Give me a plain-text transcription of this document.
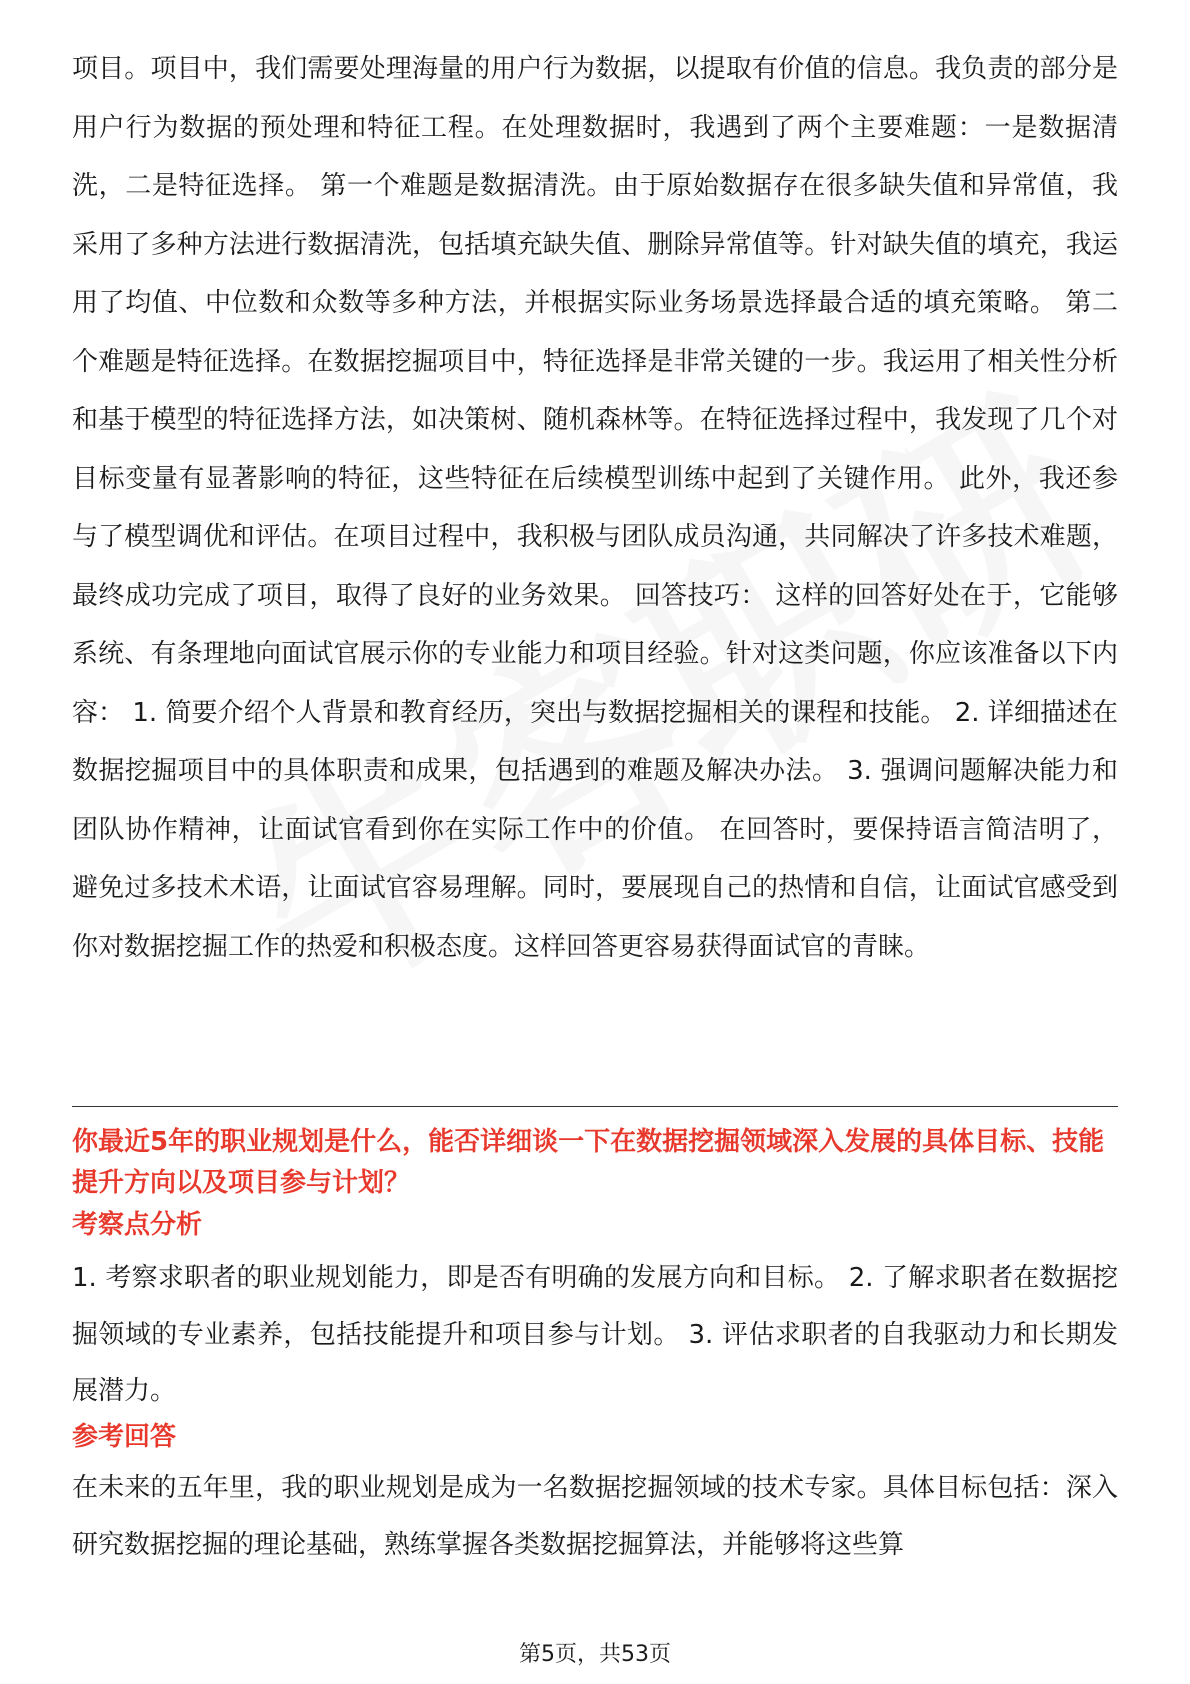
项目。项目中，我们需要处理海量的用户行为数据，以提取有价值的信息。我负责的部分是用户行为数据的预处理和特征工程。在处理数据时，我遇到了两个主要难题：一是数据清洗，二是特征选择。 第一个难题是数据清洗。由于原始数据存在很多缺失值和异常值，我采用了多种方法进行数据清洗，包括填充缺失值、删除异常值等。针对缺失值的填充，我运用了均值、中位数和众数等多种方法，并根据实际业务场景选择最合适的填充策略。 第二个难题是特征选择。在数据挖掘项目中，特征选择是非常关键的一步。我运用了相关性分析和基于模型的特征选择方法，如决策树、随机森林等。在特征选择过程中，我发现了几个对目标变量有显著影响的特征，这些特征在后续模型训练中起到了关键作用。 此外，我还参与了模型调优和评估。在项目过程中，我积极与团队成员沟通，共同解决了许多技术难题，最终成功完成了项目，取得了良好的业务效果。 回答技巧： 这样的回答好处在于，它能够系统、有条理地向面试官展示你的专业能力和项目经验。针对这类问题，你应该准备以下内容： 1. 简要介绍个人背景和教育经历，突出与数据挖掘相关的课程和技能。 2. 详细描述在数据挖掘项目中的具体职责和成果，包括遇到的难题及解决办法。 3. 强调问题解决能力和团队协作精神，让面试官看到你在实际工作中的价值。 在回答时，要保持语言简洁明了，避免过多技术术语，让面试官容易理解。同时，要展现自己的热情和自信，让面试官感受到你对数据挖掘工作的热爱和积极态度。这样回答更容易获得面试官的青睐。

你最近5年的职业规划是什么，能否详细谈一下在数据挖掘领域深入发展的具体目标、技能提升方向以及项目参与计划？

考察点分析

1. 考察求职者的职业规划能力，即是否有明确的发展方向和目标。 2. 了解求职者在数据挖掘领域的专业素养，包括技能提升和项目参与计划。 3. 评估求职者的自我驱动力和长期发展潜力。

参考回答

在未来的五年里，我的职业规划是成为一名数据挖掘领域的技术专家。具体目标包括：深入研究数据挖掘的理论基础，熟练掌握各类数据挖掘算法，并能够将这些算

第5页，共53页
